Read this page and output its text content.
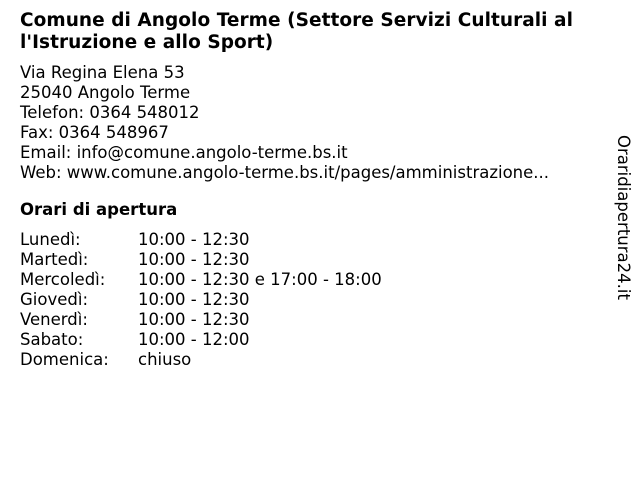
Comune di Angolo Terme (Settore Servizi Culturali al l'Istruzione e allo Sport)
Via Regina Elena 53
25040 Angolo Terme
Telefon: 0364 548012
Fax: 0364 548967
Email: info@comune.angolo-terme.bs.it
Web: www.comune.angolo-terme.bs.it/pages/amministrazione...
Orari di apertura
Lunedì:	10:00 - 12:30
Martedì:	10:00 - 12:30
Mercoledì:	10:00 - 12:30 e 17:00 - 18:00
Giovedì:	10:00 - 12:30
Venerdì:	10:00 - 12:30
Sabato:	10:00 - 12:00
Domenica:	chiuso
Oraridiapertura24.it
